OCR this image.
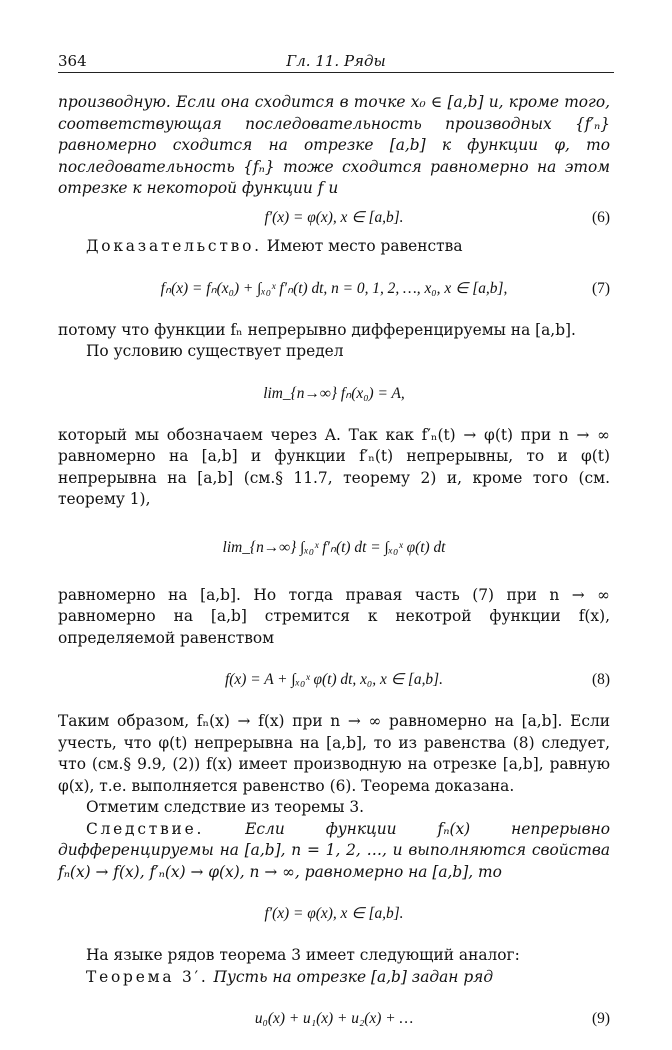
364	Гл. 11. Ряды

производную. Если она сходится в точке x₀ ∈ [a,b] и, кроме того, соответствующая последовательность производных {f′ₙ} равномерно сходится на отрезке [a,b] к функции φ, то последовательность {fₙ} тоже сходится равномерно на этом отрезке к некоторой функции f и

f′(x) = φ(x), x ∈ [a,b].	(6)

Доказательство. Имеют место равенства

fₙ(x) = fₙ(x₀) + ∫ₓ₀ˣ f′ₙ(t) dt, n = 0, 1, 2, …, x₀, x ∈ [a,b],	(7)

потому что функции fₙ непрерывно дифференцируемы на [a,b].

По условию существует предел

lim_{n→∞} fₙ(x₀) = A,

который мы обозначаем через A. Так как f′ₙ(t) → φ(t) при n → ∞ равномерно на [a,b] и функции f′ₙ(t) непрерывны, то и φ(t) непрерывна на [a,b] (см.§ 11.7, теорему 2) и, кроме того (см. теорему 1),

lim_{n→∞} ∫ₓ₀ˣ f′ₙ(t) dt = ∫ₓ₀ˣ φ(t) dt

равномерно на [a,b]. Но тогда правая часть (7) при n → ∞ равномерно на [a,b] стремится к некотрой функции f(x), определяемой равенством

f(x) = A + ∫ₓ₀ˣ φ(t) dt, x₀, x ∈ [a,b].	(8)

Таким образом, fₙ(x) → f(x) при n → ∞ равномерно на [a,b]. Если учесть, что φ(t) непрерывна на [a,b], то из равенства (8) следует, что (см.§ 9.9, (2)) f(x) имеет производную на отрезке [a,b], равную φ(x), т.е. выполняется равенство (6). Теорема доказана.

Отметим следствие из теоремы 3.

Следствие.	Если функции fₙ(x) непрерывно дифференцируемы на [a,b], n = 1, 2, …, и выполняются свойства fₙ(x) → f(x), f′ₙ(x) → φ(x), n → ∞, равномерно на [a,b], то

f′(x) = φ(x), x ∈ [a,b].

На языке рядов теорема 3 имеет следующий аналог:

Теорема 3′. Пусть на отрезке [a,b] задан ряд

u₀(x) + u₁(x) + u₂(x) + …	(9)
